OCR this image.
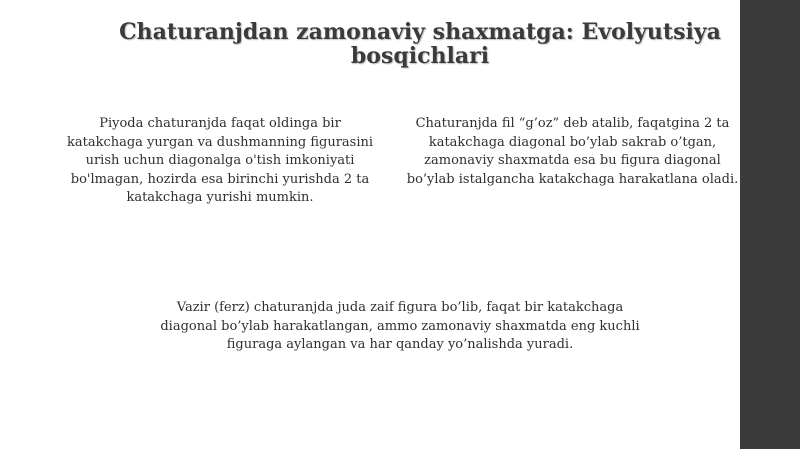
Chaturanjdan zamonaviy shaxmatga: Evolyutsiya bosqichlari
Piyoda chaturanjda faqat oldinga bir katakchaga yurgan va dushmanning figurasini urish uchun diagonalga o'tish imkoniyati bo'lmagan, hozirda esa birinchi yurishda 2 ta katakchaga yurishi mumkin.
Chaturanjda fil “g’oz” deb atalib, faqatgina 2 ta katakchaga diagonal bo’ylab sakrab o’tgan, zamonaviy shaxmatda esa bu figura diagonal bo’ylab istalgancha katakchaga harakatlana oladi.
Vazir (ferz) chaturanjda juda zaif figura bo’lib, faqat bir katakchaga diagonal bo’ylab harakatlangan, ammo zamonaviy shaxmatda eng kuchli figuraga aylangan va har qanday yo’nalishda yuradi.
